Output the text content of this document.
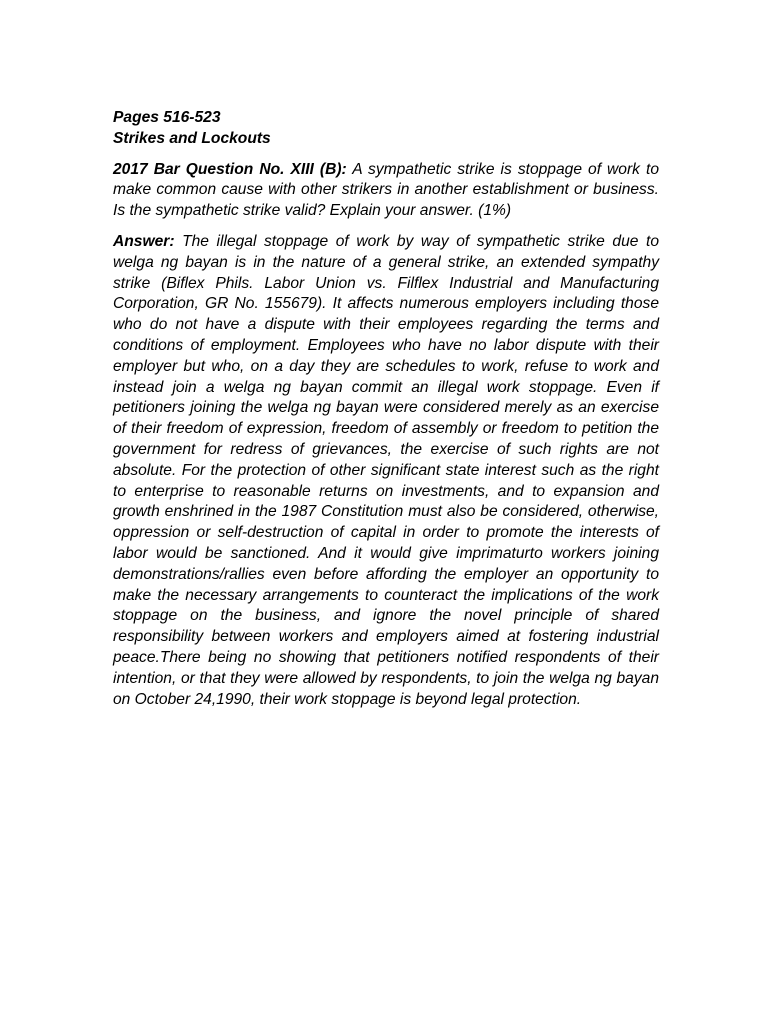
Pages 516-523

Strikes and Lockouts

2017 Bar Question No. XIII (B): A sympathetic strike is stoppage of work to make common cause with other strikers in another establishment or business. Is the sympathetic strike valid? Explain your answer. (1%)

Answer: The illegal stoppage of work by way of sympathetic strike due to welga ng bayan is in the nature of a general strike, an extended sympathy strike (Biflex Phils. Labor Union vs. Filflex Industrial and Manufacturing Corporation, GR No. 155679). It affects numerous employers including those who do not have a dispute with their employees regarding the terms and conditions of employment. Employees who have no labor dispute with their employer but who, on a day they are schedules to work, refuse to work and instead join a welga ng bayan commit an illegal work stoppage. Even if petitioners joining the welga ng bayan were considered merely as an exercise of their freedom of expression, freedom of assembly or freedom to petition the government for redress of grievances, the exercise of such rights are not absolute. For the protection of other significant state interest such as the right to enterprise to reasonable returns on investments, and to expansion and growth enshrined in the 1987 Constitution must also be considered, otherwise, oppression or self-destruction of capital in order to promote the interests of labor would be sanctioned. And it would give imprimaturto workers joining demonstrations/rallies even before affording the employer an opportunity to make the necessary arrangements to counteract the implications of the work stoppage on the business, and ignore the novel principle of shared responsibility between workers and employers aimed at fostering industrial peace.There being no showing that petitioners notified respondents of their intention, or that they were allowed by respondents, to join the welga ng bayan on October 24,1990, their work stoppage is beyond legal protection.
